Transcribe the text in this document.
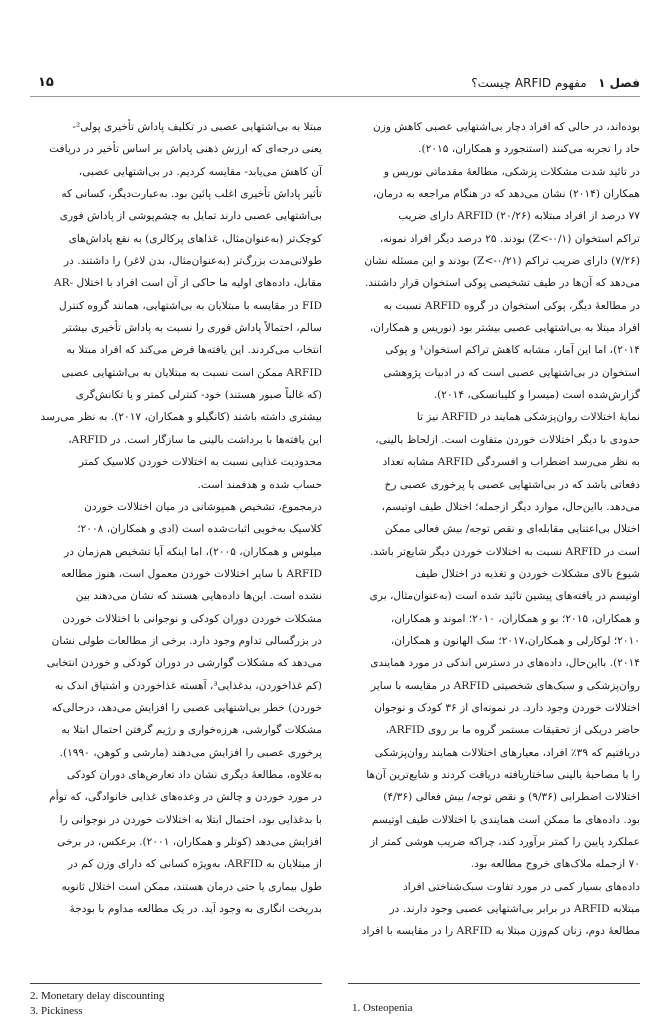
فصل ۱   مفهوم ARFID چیست؟
۱۵

بوده‌اند، در حالی که افراد دچار بی‌اشتهایی عصبی کاهش وزن
حاد را تجربه می‌کنند (استنجورد و همکاران، ۲۰۱۵).

در تائید شدت مشکلات پزشکی، مطالعهٔ مقدماتی نوریس و
همکاران (۲۰۱۴) نشان می‌دهد که در هنگام مراجعه به درمان،
۷۷ درصد از افراد مبتلابه ARFID (۲۰/۲۶) دارای ضریب
تراکم استخوان (Z<-۰/۱) بودند. ۲۵ درصد دیگر افراد نمونه،
(۷/۲۶) دارای ضریب تراکم (Z<-۰/۲۱) بودند و این مسئله نشان
می‌دهد که آن‌ها در طیف تشخیصی پوکی استخوان قرار داشتند.
در مطالعهٔ دیگر، پوکی استخوان در گروه ARFID نسبت به
افراد مبتلا به بی‌اشتهایی عصبی بیشتر بود (نوریس و همکاران،
۲۰۱۴)، اما این آمار، مشابه کاهش تراکم استخوان¹ و پوکی
استخوان در بی‌اشتهایی عصبی است که در ادبیات پژوهشی
گزارش‌شده است (میسرا و کلیبانسکی، ۲۰۱۴).

نمایهٔ اختلالات روان‌پزشکی همایند در ARFID نیز تا
حدودی با دیگر اختلالات خوردن متفاوت است. ازلحاظ بالینی،
به نظر می‌رسد اضطراب و افسردگی ARFID مشابه تعداد
دفعاتی باشد که در بی‌اشتهایی عصبی یا پرخوری عصبی رخ
می‌دهد. بااین‌حال، موارد دیگر ازجمله؛ اختلال طیف اوتیسم،
اختلال بی‌اعتنایی مقابله‌ای و نقص توجه/ بیش فعالی ممکن
است در ARFID نسبت به اختلالات خوردن دیگر شایع‌تر باشد.

شیوع بالای مشکلات خوردن و تغذیه در اختلال طیف
اوتیسم در یافته‌های پیشین تائید شده است (به‌عنوان‌مثال، بری
و همکاران، ۲۰۱۵؛ بو و همکاران، ۲۰۱۰؛ اموند و همکاران،
۲۰۱۰؛ لوکارلی و همکاران،۲۰۱۷؛ سک الهانون و همکاران،
۲۰۱۴). بااین‌حال، داده‌های در دسترس اندکی در مورد همایندی
روان‌پزشکی و سبک‌های شخصیتی ARFID در مقایسه با سایر
اختلالات خوردن وجود دارد. در نمونه‌ای از ۳۶ کودک و نوجوان
حاضر دریکی از تحقیقات مستمر گروه ما بر روی ARFID،
دریافتیم که ۳۹٪ افراد، معیارهای اختلالات همایند روان‌پزشکی
را با مصاحبهٔ بالینی ساختاریافته دریافت کردند و شایع‌ترین آن‌ها
اختلالات اضطرابی (۹/۳۶) و نقص توجه/ بیش فعالی (۴/۳۶)
بود. داده‌های ما ممکن است همایندی با اختلالات طیف اوتیسم
عملکرد پایین را کمتر برآورد کند، چراکه ضریب هوشی کمتر از
۷۰ ازجمله ملاک‌های خروج مطالعه بود.

داده‌های بسیار کمی در مورد تفاوت سبک‌شناختی افراد
مبتلابه ARFID در برابر بی‌اشتهایی عصبی وجود دارند. در
مطالعهٔ دوم، زنان کم‌وزن مبتلا به ARFID را در مقایسه با افراد

مبتلا به بی‌اشتهایی عصبی در تکلیف پاداش تأخیری پولی²-
یعنی درجه‌ای که ارزش ذهنی پاداش بر اساس تأخیر در دریافت
آن کاهش می‌یابد- مقایسه کردیم. در بی‌اشتهایی عصبی،
تأثیر پاداش تأخیری اغلب پائین بود. به‌عبارت‌دیگر، کسانی که
بی‌اشتهایی عصبی دارند تمایل به چشم‌پوشی از پاداش فوری
کوچک‌تر (به‌عنوان‌مثال، غذاهای پرکالری) به نفع پاداش‌های
طولانی‌مدت بزرگ‌تر (به‌عنوان‌مثال، بدن لاغر) را داشتند. در
مقابل، داده‌های اولیه ما حاکی از آن است افراد با اختلال -AR
FID در مقایسه با مبتلایان به بی‌اشتهایی، همانند گروه کنترل
سالم، احتمالاً پاداش فوری را نسبت به پاداش تأخیری بیشتر
انتخاب می‌کردند. این یافته‌ها فرض می‌کند که افراد مبتلا به
ARFID ممکن است نسبت به مبتلایان به بی‌اشتهایی عصبی
(که غالباً صبور هستند) خود- کنترلی کمتر و یا تکانش‌گری
بیشتری داشته باشند (کانگیلو و همکاران، ۲۰۱۷). به نظر می‌رسد
این یافته‌ها با برداشت بالینی ما سازگار است. در ARFID،
محدودیت غذایی نسبت به اختلالات خوردن کلاسیک کمتر
حساب شده و هدفمند است.

درمجموع، تشخیص همپوشانی در میان اختلالات خوردن
کلاسیک به‌خوبی اثبات‌شده است (ادی و همکاران، ۲۰۰۸؛
میلوس و همکاران، ۲۰۰۵)، اما اینکه آیا تشخیص هم‌زمان در
ARFID با سایر اختلالات خوردن معمول است، هنوز مطالعه
نشده است. این‌ها داده‌هایی هستند که نشان می‌دهند بین
مشکلات خوردن دوران کودکی و نوجوانی با اختلالات خوردن
در بزرگسالی تداوم وجود دارد. برخی از مطالعات طولی نشان
می‌دهد که مشکلات گوارشی در دوران کودکی و خوردن انتخابی
(کم غذاخوردن، بدغذایی³، آهسته غذاخوردن و اشتیاق اندک به
خوردن) خطر بی‌اشتهایی عصبی را افزایش می‌دهد، درحالی‌که
مشکلات گوارشی، هرزه‌خواری و رژیم گرفتن احتمال ابتلا به
پرخوری عصبی را افزایش می‌دهند (مارشی و کوهن، ۱۹۹۰).
به‌علاوه، مطالعهٔ دیگری نشان داد تعارض‌های دوران کودکی
در مورد خوردن و چالش در وعده‌های غذایی خانوادگی، که توأم
با بدغذایی بود، احتمال ابتلا به اختلالات خوردن در نوجوانی را
افزایش می‌دهد (کوتلر و همکاران، ۲۰۰۱). برعکس، در برخی
از مبتلایان به ARFID، به‌ویژه کسانی که دارای وزن کم در
طول بیماری یا حتی درمان هستند، ممکن است اختلال ثانویه
بدریخت انگاری به وجود آید. در یک مطالعه مداوم با بودجهٔ

2. Monetary delay discounting
3. Pickiness	1. Osteopenia
